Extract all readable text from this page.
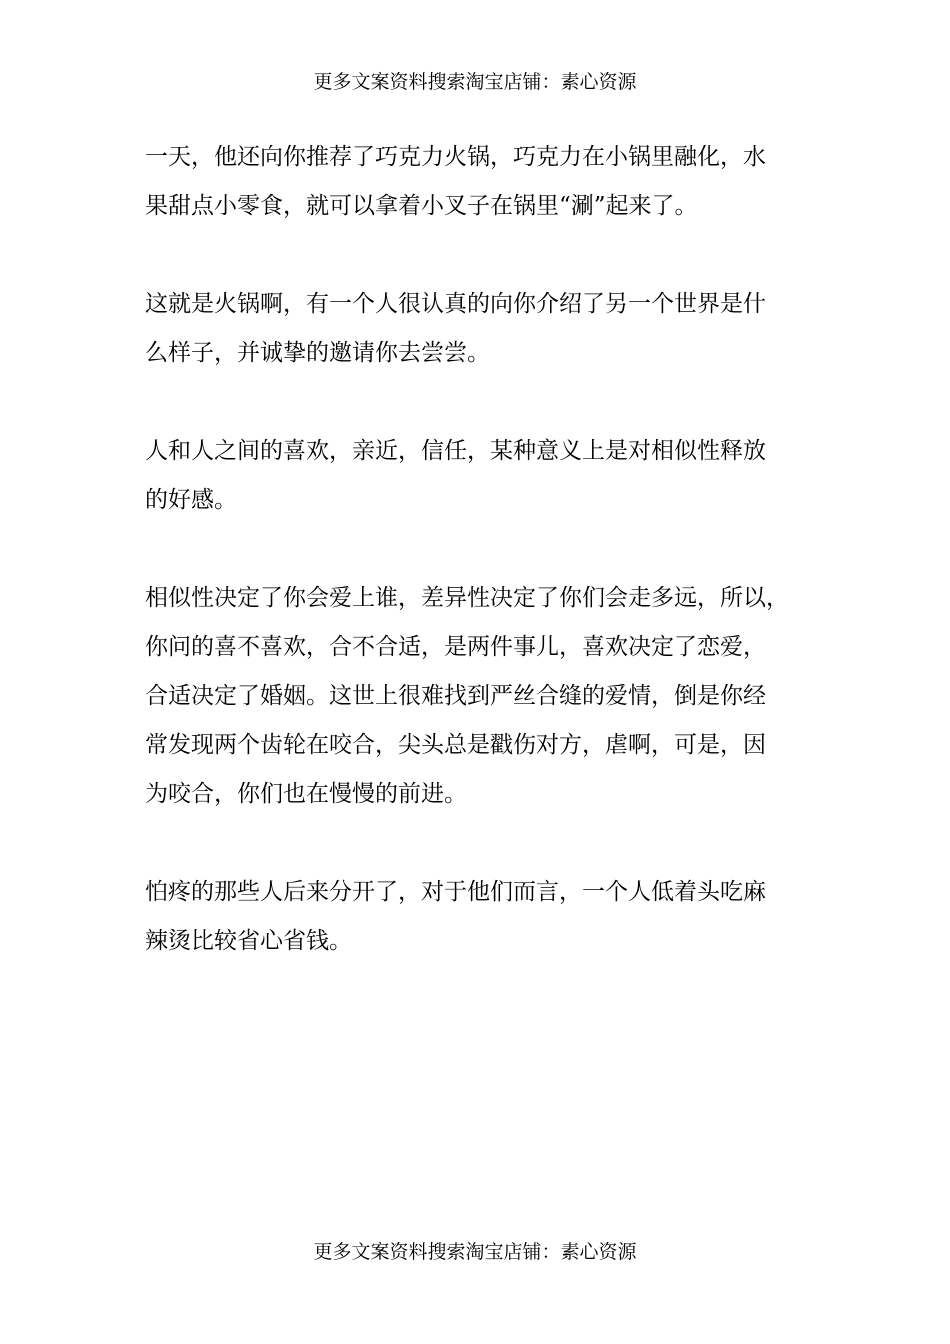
更多文案资料搜索淘宝店铺：素心资源
一天，他还向你推荐了巧克力火锅，巧克力在小锅里融化，水
果甜点小零食，就可以拿着小叉子在锅里“涮”起来了。
这就是火锅啊，有一个人很认真的向你介绍了另一个世界是什
么样子，并诚挚的邀请你去尝尝。
人和人之间的喜欢，亲近，信任，某种意义上是对相似性释放
的好感。
相似性决定了你会爱上谁，差异性决定了你们会走多远，所以，
你问的喜不喜欢，合不合适，是两件事儿，喜欢决定了恋爱，
合适决定了婚姻。这世上很难找到严丝合缝的爱情，倒是你经
常发现两个齿轮在咬合，尖头总是戳伤对方，虐啊，可是，因
为咬合，你们也在慢慢的前进。
怕疼的那些人后来分开了，对于他们而言，一个人低着头吃麻
辣烫比较省心省钱。
更多文案资料搜索淘宝店铺：素心资源
